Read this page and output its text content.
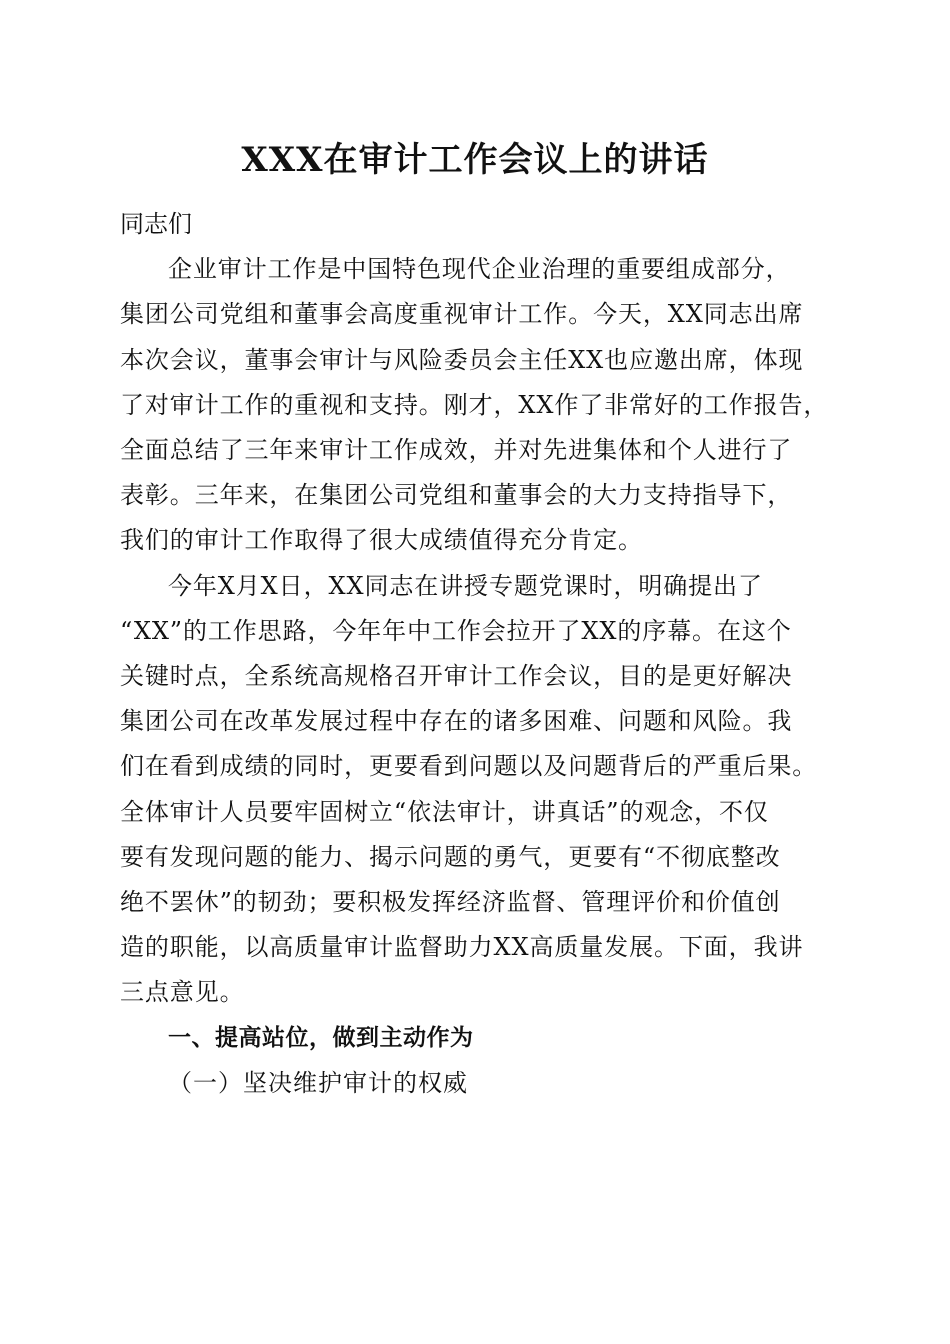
XXX在审计工作会议上的讲话

同志们

企业审计工作是中国特色现代企业治理的重要组成部分，
集团公司党组和董事会高度重视审计工作。今天，XX同志出席
本次会议，董事会审计与风险委员会主任XX也应邀出席，体现
了对审计工作的重视和支持。刚才，XX作了非常好的工作报告，
全面总结了三年来审计工作成效，并对先进集体和个人进行了
表彰。三年来，在集团公司党组和董事会的大力支持指导下，
我们的审计工作取得了很大成绩值得充分肯定。

今年X月X日，XX同志在讲授专题党课时，明确提出了
“XX”的工作思路，今年年中工作会拉开了XX的序幕。在这个
关键时点，全系统高规格召开审计工作会议，目的是更好解决
集团公司在改革发展过程中存在的诸多困难、问题和风险。我
们在看到成绩的同时，更要看到问题以及问题背后的严重后果。
全体审计人员要牢固树立“依法审计，讲真话”的观念，不仅
要有发现问题的能力、揭示问题的勇气，更要有“不彻底整改
绝不罢休”的韧劲；要积极发挥经济监督、管理评价和价值创
造的职能，以高质量审计监督助力XX高质量发展。下面，我讲
三点意见。

一、提高站位，做到主动作为

（一）坚决维护审计的权威
